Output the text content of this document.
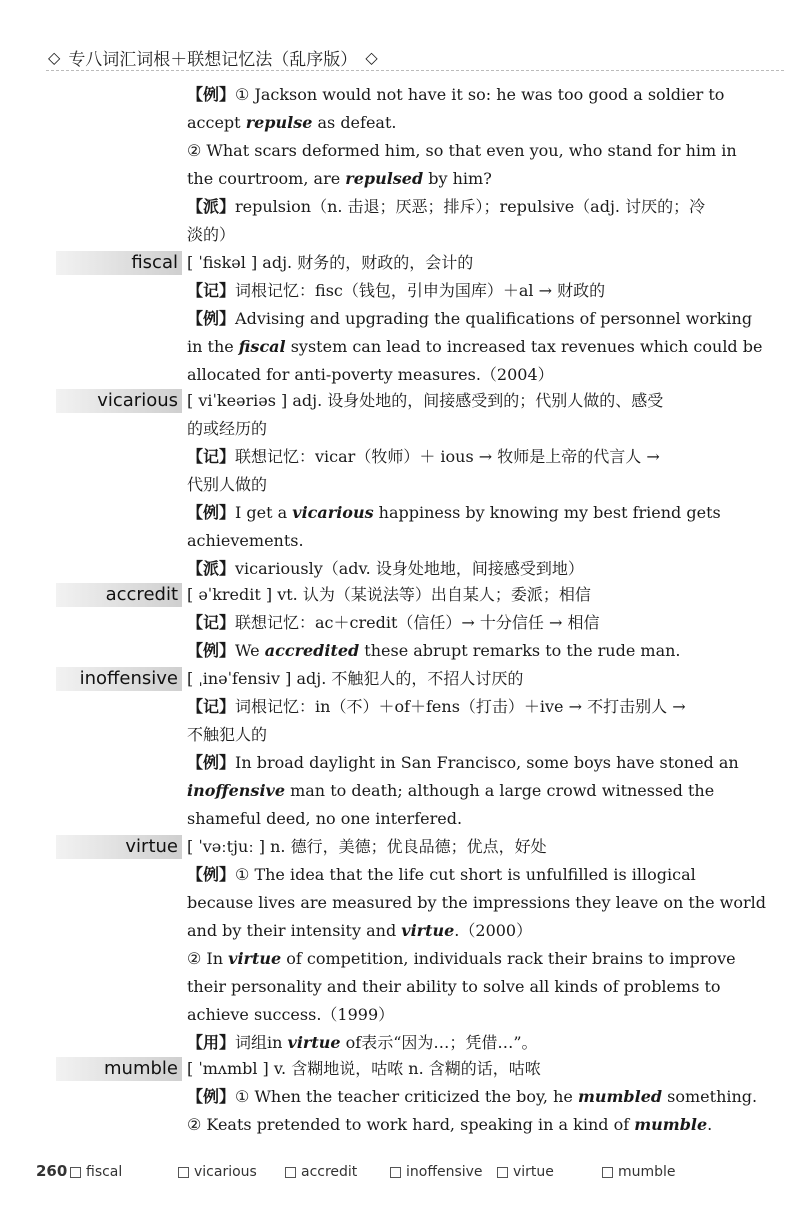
◇ 专八词汇词根＋联想记忆法（乱序版） ◇
【例】① Jackson would not have it so: he was too good a soldier to
accept repulse as defeat.
② What scars deformed him, so that even you, who stand for him in
the courtroom, are repulsed by him?
【派】repulsion（n. 击退；厌恶；排斥）；repulsive（adj. 讨厌的；冷
淡的）
fiscal [ ˈfiskəl ] adj. 财务的，财政的，会计的
【记】词根记忆：fisc（钱包，引申为国库）＋al → 财政的
【例】Advising and upgrading the qualifications of personnel working
in the fiscal system can lead to increased tax revenues which could be
allocated for anti-poverty measures.（2004）
vicarious [ viˈkeəriəs ] adj. 设身处地的，间接感受到的；代别人做的、感受
的或经历的
【记】联想记忆：vicar（牧师）＋ ious → 牧师是上帝的代言人 →
代别人做的
【例】I get a vicarious happiness by knowing my best friend gets
achievements.
【派】vicariously（adv. 设身处地地，间接感受到地）
accredit [ əˈkredit ] vt. 认为（某说法等）出自某人；委派；相信
【记】联想记忆：ac＋credit（信任）→ 十分信任 → 相信
【例】We accredited these abrupt remarks to the rude man.
inoffensive [ ˌinəˈfensiv ] adj. 不触犯人的，不招人讨厌的
【记】词根记忆：in（不）＋of＋fens（打击）＋ive → 不打击别人 →
不触犯人的
【例】In broad daylight in San Francisco, some boys have stoned an
inoffensive man to death; although a large crowd witnessed the
shameful deed, no one interfered.
virtue [ ˈvəːtjuː ] n. 德行，美德；优良品德；优点，好处
【例】① The idea that the life cut short is unfulfilled is illogical
because lives are measured by the impressions they leave on the world
and by their intensity and virtue.（2000）
② In virtue of competition, individuals rack their brains to improve
their personality and their ability to solve all kinds of problems to
achieve success.（1999）
【用】词组in virtue of表示“因为…；凭借…”。
mumble [ ˈmʌmbl ] v. 含糊地说，咕哝 n. 含糊的话，咕哝
【例】① When the teacher criticized the boy, he mumbled something.
② Keats pretended to work hard, speaking in a kind of mumble.
260	fiscal	vicarious	accredit	inoffensive	virtue	mumble
